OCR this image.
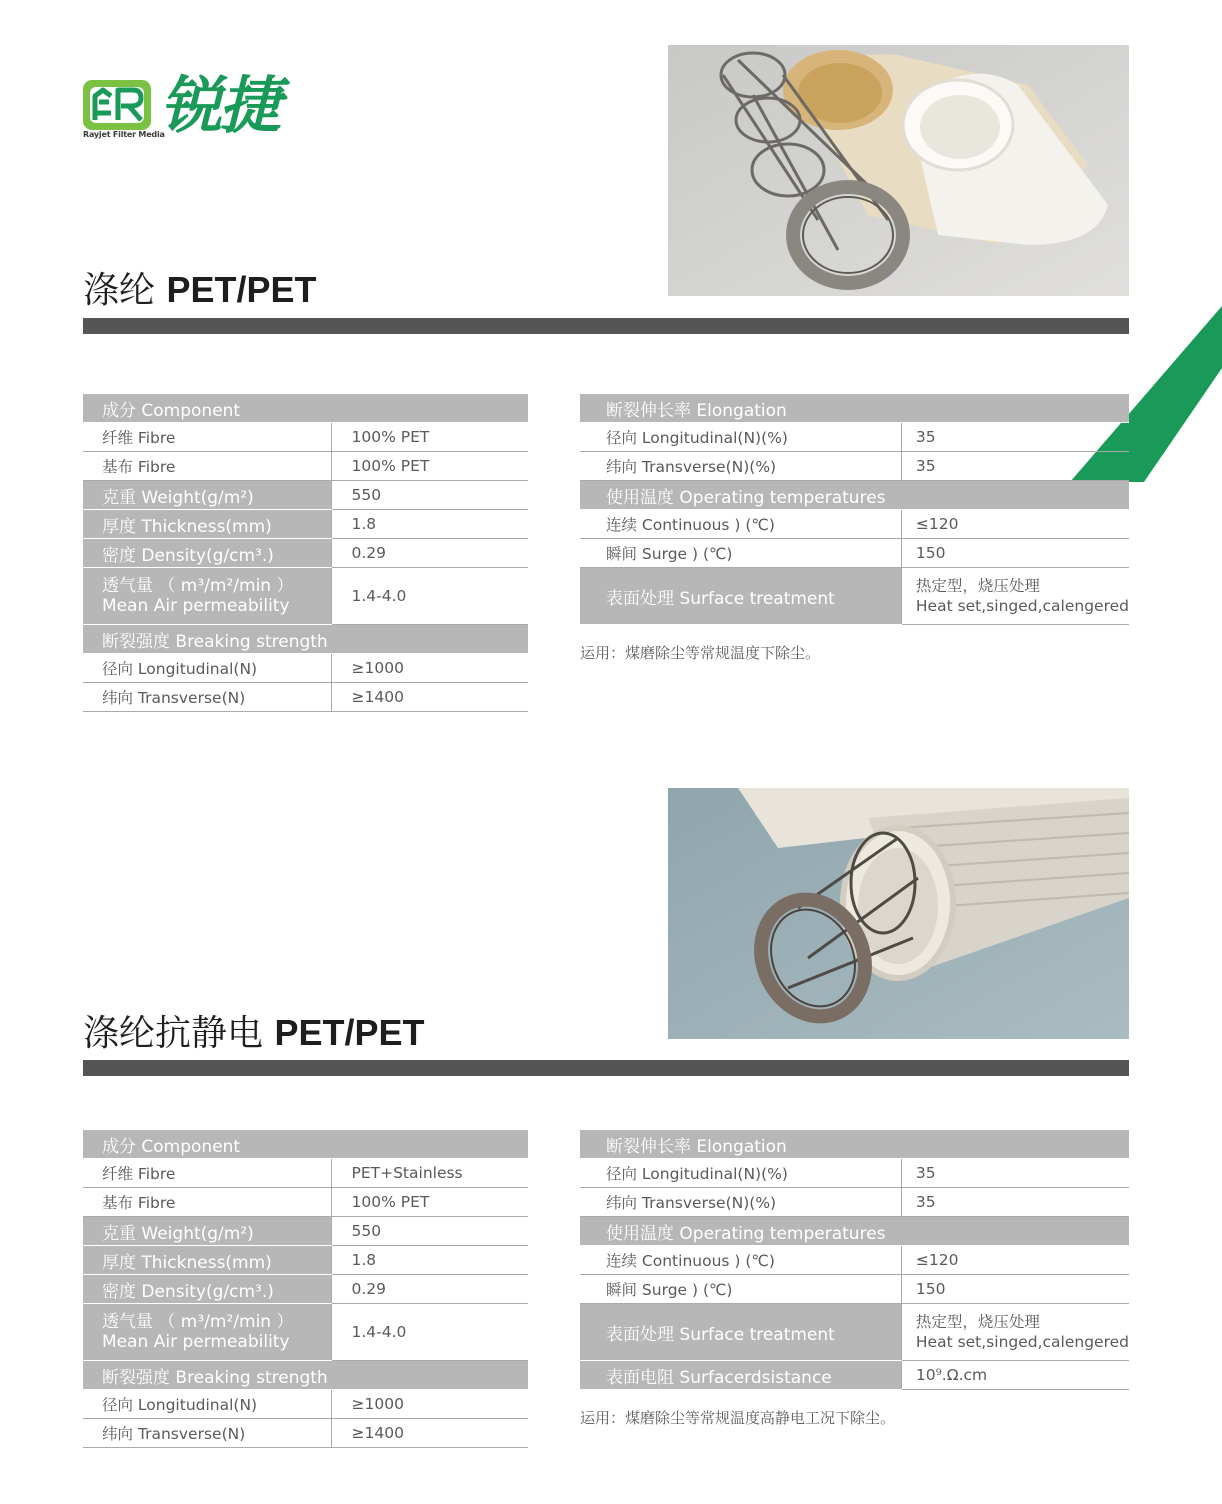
Rayjet Filter Media
锐捷
涤纶 PET/PET
成分 Component	
纤维 Fibre	100% PET
基布 Fibre	100% PET
克重 Weight(g/m²)	550
厚度 Thickness(mm)	1.8
密度 Density(g/cm³.)	0.29

透气量 （ m³/m²/min ）
Mean Air permeability	1.4-4.0
断裂强度 Breaking strength	
径向 Longitudinal(N)	≥1000
纬向 Transverse(N)	≥1400
断裂伸长率 Elongation	
径向 Longitudinal(N)(%)	35
纬向 Transverse(N)(%)	35
使用温度 Operating temperatures	
连续 Continuous ) (℃)	≤120
瞬间 Surge ) (℃)	150
表面处理 Surface treatment	热定型，烧压处理
Heat set,singed,calengered
运用：煤磨除尘等常规温度下除尘。
涤纶抗静电 PET/PET
成分 Component	
纤维 Fibre	PET+Stainless
基布 Fibre	100% PET
克重 Weight(g/m²)	550
厚度 Thickness(mm)	1.8
密度 Density(g/cm³.)	0.29

透气量 （ m³/m²/min ）
Mean Air permeability	1.4-4.0
断裂强度 Breaking strength	
径向 Longitudinal(N)	≥1000
纬向 Transverse(N)	≥1400
断裂伸长率 Elongation	
径向 Longitudinal(N)(%)	35
纬向 Transverse(N)(%)	35
使用温度 Operating temperatures	
连续 Continuous ) (℃)	≤120
瞬间 Surge ) (℃)	150
表面处理 Surface treatment	热定型，烧压处理
Heat set,singed,calengered

表面电阻 Surfacerdsistance	10⁹.Ω.cm
运用：煤磨除尘等常规温度高静电工况下除尘。
